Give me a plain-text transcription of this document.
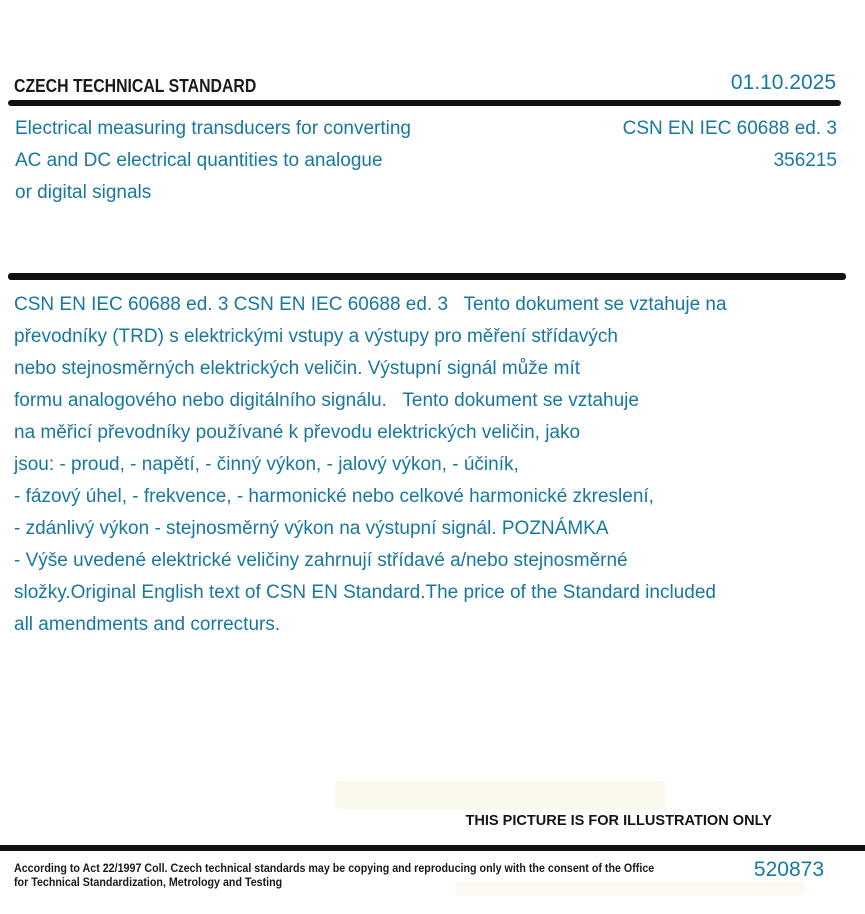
CZECH TECHNICAL STANDARD	01.10.2025
Electrical measuring transducers for converting
AC and DC electrical quantities to analogue
or digital signals
CSN EN IEC 60688 ed. 3
356215
CSN EN IEC 60688 ed. 3 CSN EN IEC 60688 ed. 3   Tento dokument se vztahuje na
převodníky (TRD) s elektrickými vstupy a výstupy pro měření střídavých
nebo stejnosměrných elektrických veličin. Výstupní signál může mít
formu analogového nebo digitálního signálu.   Tento dokument se vztahuje
na měřicí převodníky používané k převodu elektrických veličin, jako
jsou: - proud, - napětí, - činný výkon, - jalový výkon, - účiník,
- fázový úhel, - frekvence, - harmonické nebo celkové harmonické zkreslení,
- zdánlivý výkon - stejnosměrný výkon na výstupní signál. POZNÁMKA
- Výše uvedené elektrické veličiny zahrnují střídavé a/nebo stejnosměrné
složky.Original English text of CSN EN Standard.The price of the Standard included
all amendments and correcturs.
THIS PICTURE IS FOR ILLUSTRATION ONLY
According to Act 22/1997 Coll. Czech technical standards may be copying and reproducing only with the consent of the Office
for Technical Standardization, Metrology and Testing
520873
